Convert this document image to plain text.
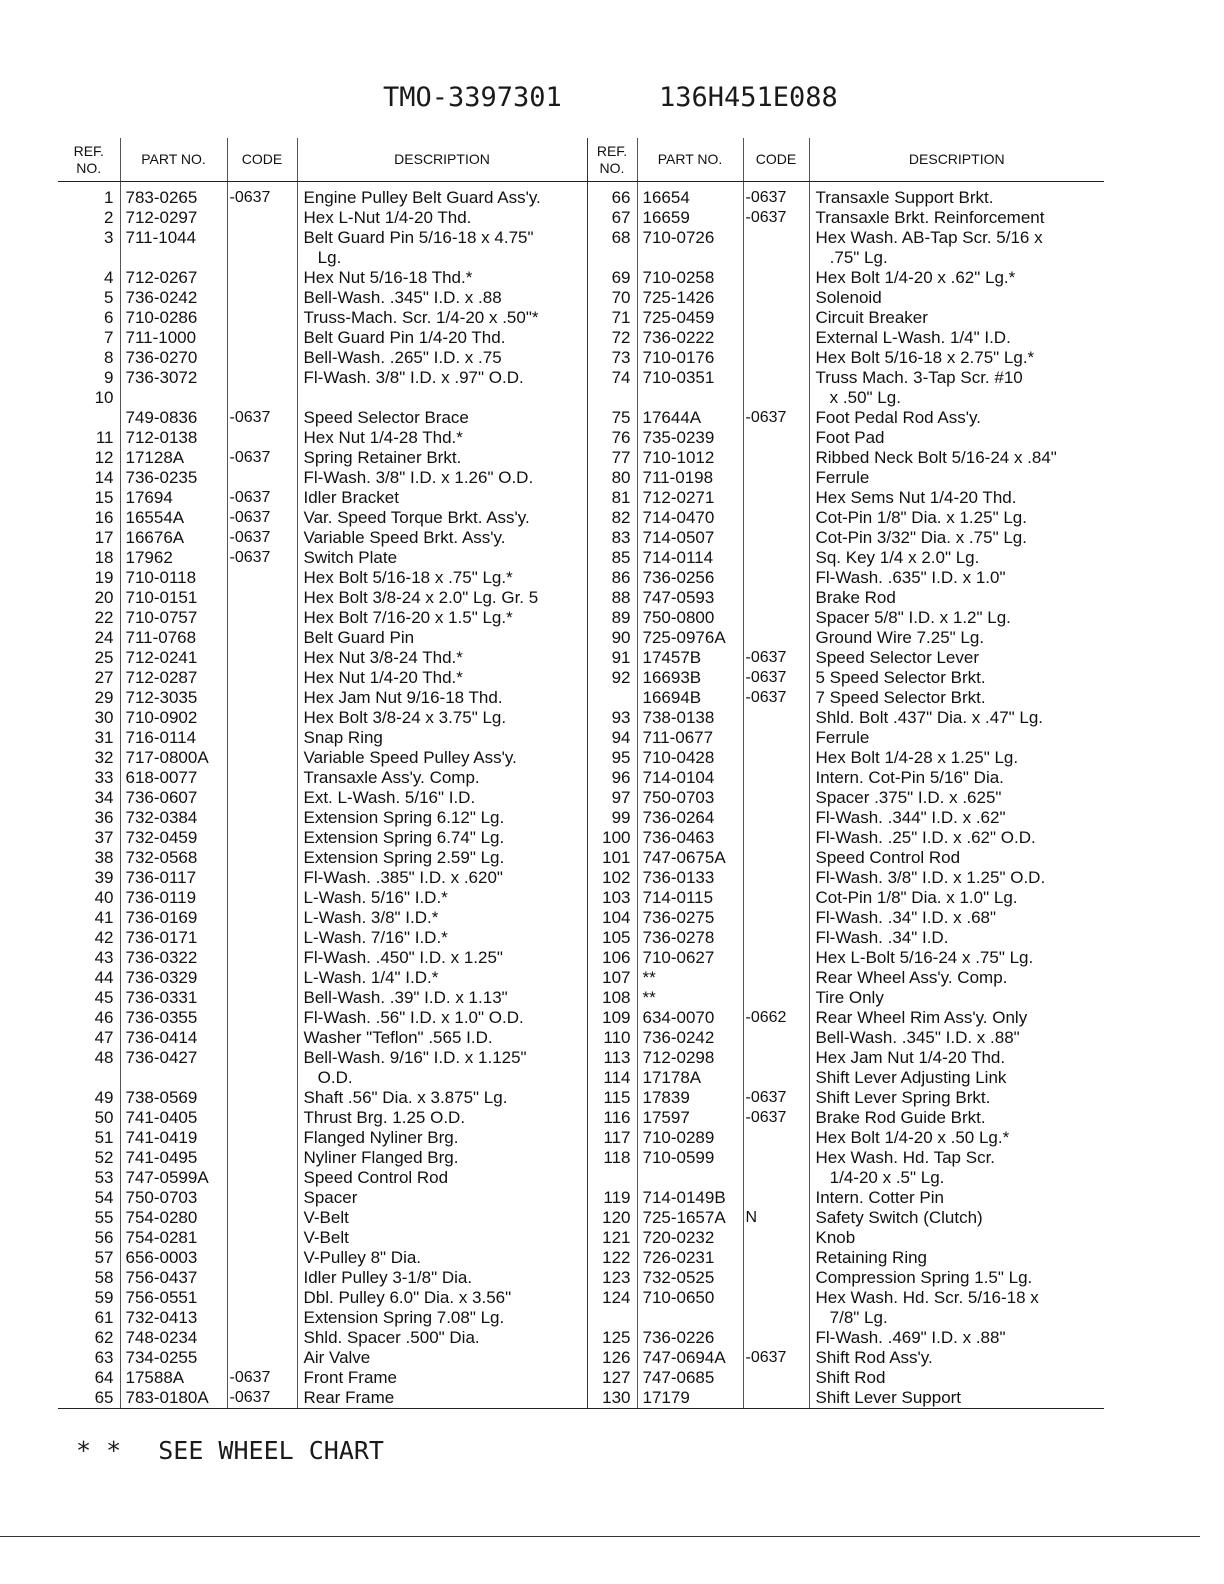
TMO-3397301	136H451E088
REF. NO.	PART NO.	CODE	DESCRIPTION	REF. NO.	PART NO.	CODE	DESCRIPTION
1	783-0265	-0637	Engine Pulley Belt Guard Ass'y.	66	16654	-0637	Transaxle Support Brkt.
2	712-0297		Hex L-Nut 1/4-20 Thd.	67	16659	-0637	Transaxle Brkt. Reinforcement
3	711-1044		Belt Guard Pin 5/16-18 x 4.75"	68	710-0726		Hex Wash. AB-Tap Scr. 5/16 x
			Lg.				.75" Lg.
4	712-0267		Hex Nut 5/16-18 Thd.*	69	710-0258		Hex Bolt 1/4-20 x .62" Lg.*
5	736-0242		Bell-Wash. .345" I.D. x .88	70	725-1426		Solenoid
6	710-0286		Truss-Mach. Scr. 1/4-20 x .50"*	71	725-0459		Circuit Breaker
7	711-1000		Belt Guard Pin 1/4-20 Thd.	72	736-0222		External L-Wash. 1/4" I.D.
8	736-0270		Bell-Wash. .265" I.D. x .75	73	710-0176		Hex Bolt 5/16-18 x 2.75" Lg.*
9	736-3072		Fl-Wash. 3/8" I.D. x .97" O.D.	74	710-0351		Truss Mach. 3-Tap Scr. #10
10							x .50" Lg.
	749-0836	-0637	Speed Selector Brace	75	17644A	-0637	Foot Pedal Rod Ass'y.
11	712-0138		Hex Nut 1/4-28 Thd.*	76	735-0239		Foot Pad
12	17128A	-0637	Spring Retainer Brkt.	77	710-1012		Ribbed Neck Bolt 5/16-24 x .84"
14	736-0235		Fl-Wash. 3/8" I.D. x 1.26" O.D.	80	711-0198		Ferrule
15	17694	-0637	Idler Bracket	81	712-0271		Hex Sems Nut 1/4-20 Thd.
16	16554A	-0637	Var. Speed Torque Brkt. Ass'y.	82	714-0470		Cot-Pin 1/8" Dia. x 1.25" Lg.
17	16676A	-0637	Variable Speed Brkt. Ass'y.	83	714-0507		Cot-Pin 3/32" Dia. x .75" Lg.
18	17962	-0637	Switch Plate	85	714-0114		Sq. Key 1/4 x 2.0" Lg.
19	710-0118		Hex Bolt 5/16-18 x .75" Lg.*	86	736-0256		Fl-Wash. .635" I.D. x 1.0"
20	710-0151		Hex Bolt 3/8-24 x 2.0" Lg. Gr. 5	88	747-0593		Brake Rod
22	710-0757		Hex Bolt 7/16-20 x 1.5" Lg.*	89	750-0800		Spacer 5/8" I.D. x 1.2" Lg.
24	711-0768		Belt Guard Pin	90	725-0976A		Ground Wire 7.25" Lg.
25	712-0241		Hex Nut 3/8-24 Thd.*	91	17457B	-0637	Speed Selector Lever
27	712-0287		Hex Nut 1/4-20 Thd.*	92	16693B	-0637	5 Speed Selector Brkt.
29	712-3035		Hex Jam Nut 9/16-18 Thd.		16694B	-0637	7 Speed Selector Brkt.
30	710-0902		Hex Bolt 3/8-24 x 3.75" Lg.	93	738-0138		Shld. Bolt .437" Dia. x .47" Lg.
31	716-0114		Snap Ring	94	711-0677		Ferrule
32	717-0800A		Variable Speed Pulley Ass'y.	95	710-0428		Hex Bolt 1/4-28 x 1.25" Lg.
33	618-0077		Transaxle Ass'y. Comp.	96	714-0104		Intern. Cot-Pin 5/16" Dia.
34	736-0607		Ext. L-Wash. 5/16" I.D.	97	750-0703		Spacer .375" I.D. x .625"
36	732-0384		Extension Spring 6.12" Lg.	99	736-0264		Fl-Wash. .344" I.D. x .62"
37	732-0459		Extension Spring 6.74" Lg.	100	736-0463		Fl-Wash. .25" I.D. x .62" O.D.
38	732-0568		Extension Spring 2.59" Lg.	101	747-0675A		Speed Control Rod
39	736-0117		Fl-Wash. .385" I.D. x .620"	102	736-0133		Fl-Wash. 3/8" I.D. x 1.25" O.D.
40	736-0119		L-Wash. 5/16" I.D.*	103	714-0115		Cot-Pin 1/8" Dia. x 1.0" Lg.
41	736-0169		L-Wash. 3/8" I.D.*	104	736-0275		Fl-Wash. .34" I.D. x .68"
42	736-0171		L-Wash. 7/16" I.D.*	105	736-0278		Fl-Wash. .34" I.D.
43	736-0322		Fl-Wash. .450" I.D. x 1.25"	106	710-0627		Hex L-Bolt 5/16-24 x .75" Lg.
44	736-0329		L-Wash. 1/4" I.D.*	107	**		Rear Wheel Ass'y. Comp.
45	736-0331		Bell-Wash. .39" I.D. x 1.13"	108	**		Tire Only
46	736-0355		Fl-Wash. .56" I.D. x 1.0" O.D.	109	634-0070	-0662	Rear Wheel Rim Ass'y. Only
47	736-0414		Washer "Teflon" .565 I.D.	110	736-0242		Bell-Wash. .345" I.D. x .88"
48	736-0427		Bell-Wash. 9/16" I.D. x 1.125"	113	712-0298		Hex Jam Nut 1/4-20 Thd.
			O.D.	114	17178A		Shift Lever Adjusting Link
49	738-0569		Shaft .56" Dia. x 3.875" Lg.	115	17839	-0637	Shift Lever Spring Brkt.
50	741-0405		Thrust Brg. 1.25 O.D.	116	17597	-0637	Brake Rod Guide Brkt.
51	741-0419		Flanged Nyliner Brg.	117	710-0289		Hex Bolt 1/4-20 x .50 Lg.*
52	741-0495		Nyliner Flanged Brg.	118	710-0599		Hex Wash. Hd. Tap Scr.
53	747-0599A		Speed Control Rod				1/4-20 x .5" Lg.
54	750-0703		Spacer	119	714-0149B		Intern. Cotter Pin
55	754-0280		V-Belt	120	725-1657A	N	Safety Switch (Clutch)
56	754-0281		V-Belt	121	720-0232		Knob
57	656-0003		V-Pulley 8" Dia.	122	726-0231		Retaining Ring
58	756-0437		Idler Pulley 3-1/8" Dia.	123	732-0525		Compression Spring 1.5" Lg.
59	756-0551		Dbl. Pulley 6.0" Dia. x 3.56"	124	710-0650		Hex Wash. Hd. Scr. 5/16-18 x
61	732-0413		Extension Spring 7.08" Lg.				7/8" Lg.
62	748-0234		Shld. Spacer .500" Dia.	125	736-0226		Fl-Wash. .469" I.D. x .88"
63	734-0255		Air Valve	126	747-0694A	-0637	Shift Rod Ass'y.
64	17588A	-0637	Front Frame	127	747-0685		Shift Rod
65	783-0180A	-0637	Rear Frame	130	17179		Shift Lever Support
* * SEE WHEEL CHART
